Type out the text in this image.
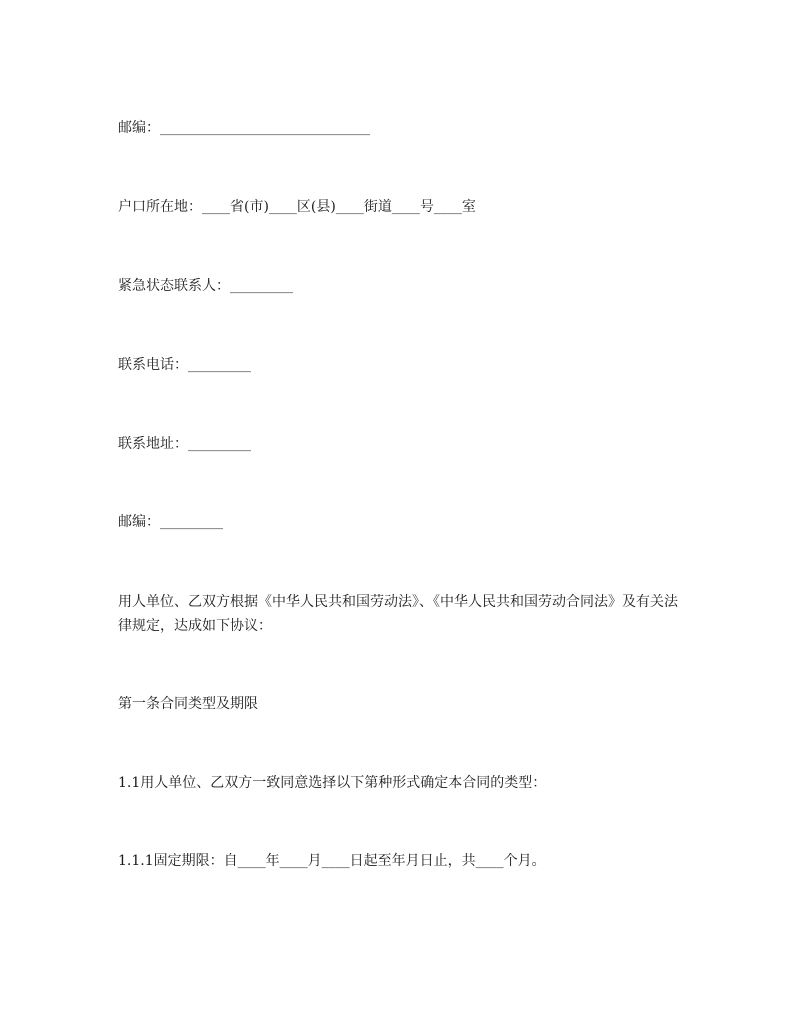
邮编：______________________________

户口所在地：____省(市)____区(县)____街道____号____室

紧急状态联系人：_________

联系电话：_________

联系地址：_________

邮编：_________

用人单位、乙双方根据《中华人民共和国劳动法》、《中华人民共和国劳动合同法》及有关法律规定，达成如下协议：

第一条合同类型及期限

1.1用人单位、乙双方一致同意选择以下第种形式确定本合同的类型：

1.1.1固定期限：自____年____月____日起至年月日止，共____个月。
